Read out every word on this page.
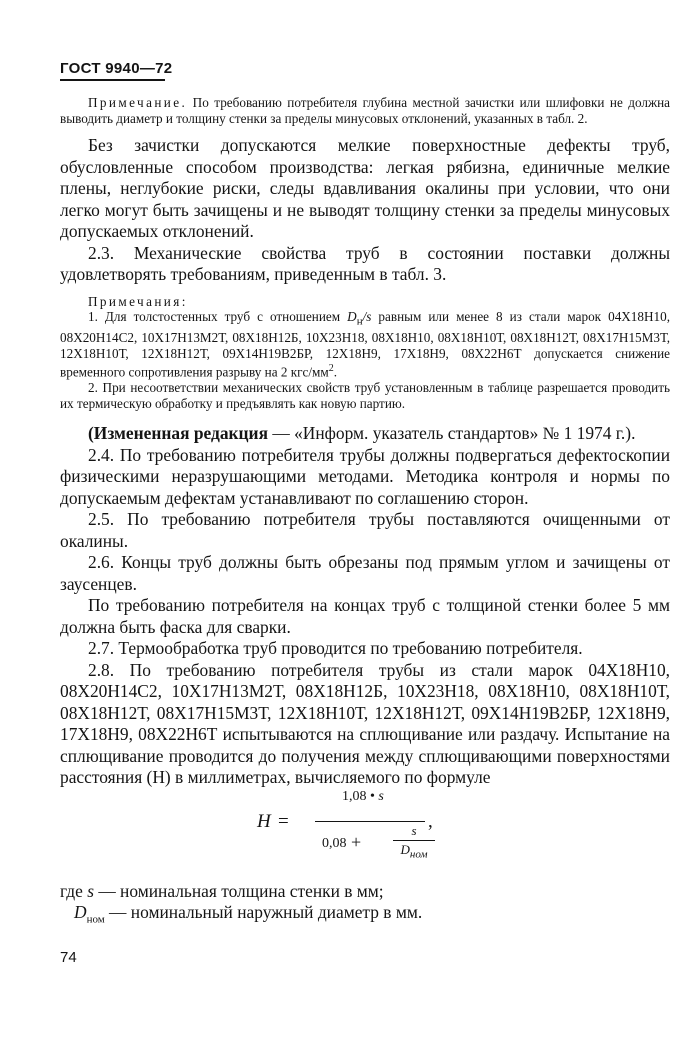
ГОСТ 9940—72
Примечание. По требованию потребителя глубина местной зачистки или шлифовки не должна выводить диаметр и толщину стенки за пределы минусовых отклонений, указанных в табл. 2.

Без зачистки допускаются мелкие поверхностные дефекты труб, обусловленные способом производства: легкая рябизна, единичные мелкие плены, неглубокие риски, следы вдавливания окалины при условии, что они легко могут быть зачищены и не выводят толщину стенки за пределы минусовых допускаемых отклонений.

2.3. Механические свойства труб в состоянии поставки должны удовлетворять требованиям, приведенным в табл. 3.

Примечания:

1. Для толстостенных труб с отношением $D_н/s$ равным или менее 8 из стали марок 04Х18Н10, 08Х20Н14С2, 10Х17Н13М2Т, 08Х18Н12Б, 10Х23Н18, 08Х18Н10, 08Х18Н10Т, 08Х18Н12Т, 08Х17Н15М3Т, 12Х18Н10Т, 12Х18Н12Т, 09Х14Н19В2БР, 12Х18Н9, 17Х18Н9, 08Х22Н6Т допускается снижение временного сопротивления разрыву на 2 кгс/$мм^2$.

2. При несоответствии механических свойств труб установленным в таблице разрешается проводить их термическую обработку и предъявлять как новую партию.

(Измененная редакция — «Информ. указатель стандартов» № 1 1974 г.).

2.4. По требованию потребителя трубы должны подвергаться дефектоскопии физическими неразрушающими методами. Методика контроля и нормы по допускаемым дефектам устанавливают по соглашению сторон.

2.5. По требованию потребителя трубы поставляются очищенными от окалины.

2.6. Концы труб должны быть обрезаны под прямым углом и зачищены от заусенцев.

По требованию потребителя на концах труб с толщиной стенки более 5 мм должна быть фаска для сварки.

2.7. Термообработка труб проводится по требованию потребителя.

2.8. По требованию потребителя трубы из стали марок 04Х18Н10, 08Х20Н14С2, 10Х17Н13М2Т, 08Х18Н12Б, 10Х23Н18, 08Х18Н10, 08Х18Н10Т, 08Х18Н12Т, 08Х17Н15М3Т, 12Х18Н10Т, 12Х18Н12Т, 09Х14Н19В2БР, 12Х18Н9, 17Х18Н9, 08Х22Н6Т испытываются на сплющивание или раздачу. Испытание на сплющивание проводится до получения между сплющивающими поверхностями расстояния (H) в миллиметрах, вычисляемого по формуле

H =
1,08 • s
,
0,08 +
s
$D_{ном}$
где s — номинальная толщина стенки в мм;
$D_{ном}$ — номинальный наружный диаметр в мм.
74
